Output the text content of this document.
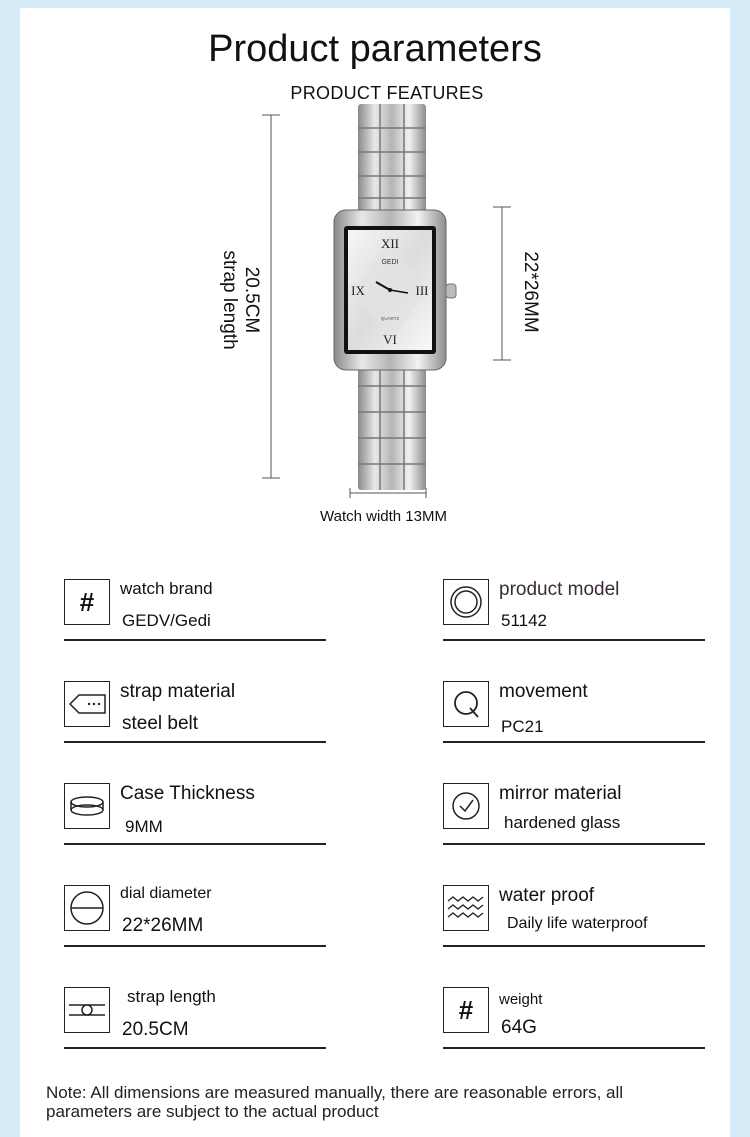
Product parameters
PRODUCT FEATURES
XII
VI
IX	III
GEDI
QUARTZ
20.5CM
strap length	22*26MM
Watch width 13MM
# watch brand
GEDV/Gedi
product model
51142
strap material
steel belt
movement
PC21
Case Thickness
9MM
mirror material
hardened glass
dial diameter
22*26MM
water proof
Daily life waterproof
strap length
20.5CM
# weight
64G
Note: All dimensions are measured manually, there are reasonable errors, all parameters are subject to the actual product
